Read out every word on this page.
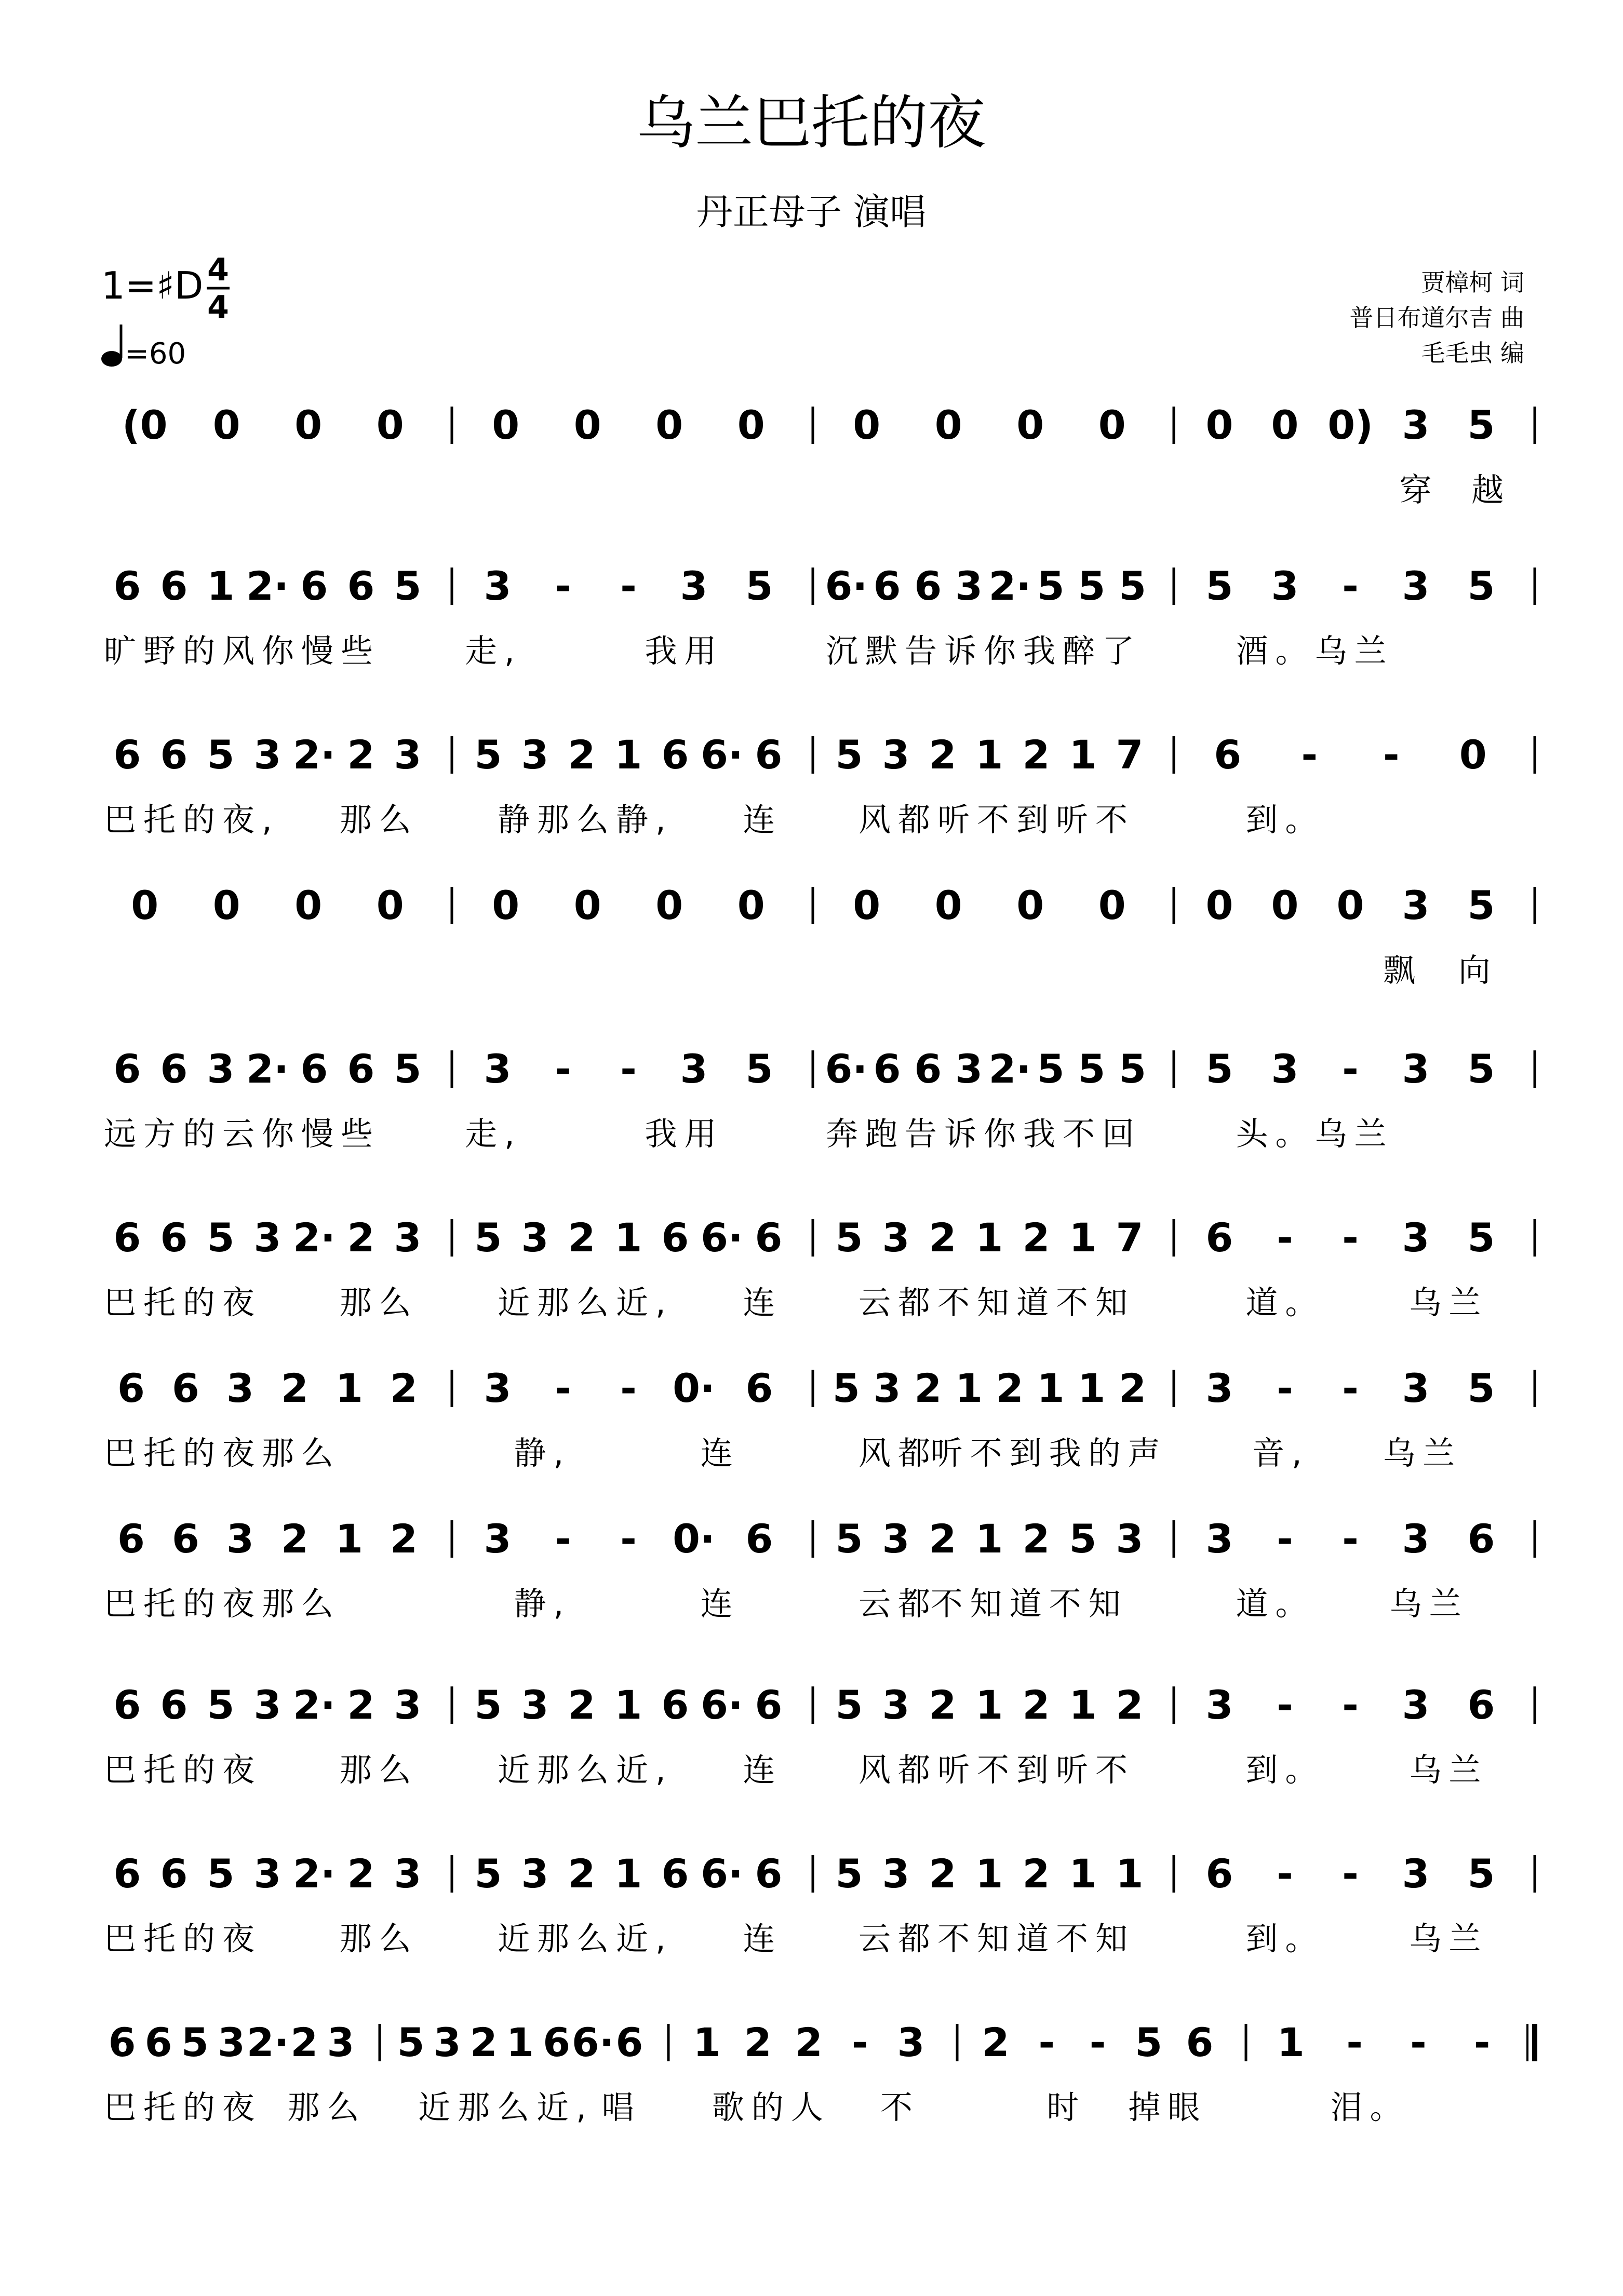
乌兰巴托的夜
丹正母子 演唱
1=♯D 4
4
=60
贾樟柯 词
普日布道尔吉 曲
毛毛虫 编
(0 0 0 0 0 0 0 0 0 0 0 0 0 0 0) 3 5
穿 越
6 6 1 2· 6 6 5 3 - - 3 5 6· 6 6 3 2· 5 5 5 5 3 - 3 5
旷野的风你慢些	走,	我用	沉默告诉你我醉了	酒。乌兰
6 6 5 3 2· 2 3 5 3 2 1 6 6· 6 5 3 2 1 2 1 7 6 - - 0
巴托的夜, 那么 静那么静, 连 风都听不到听不	到。
0 0 0 0 0 0 0 0 0 0 0 0 0 0 0 3 5
飘 向
6 6 3 2· 6 6 5 3 - - 3 5 6· 6 6 3 2· 5 5 5 5 3 - 3 5
远方的云你慢些	走,	我用	奔跑告诉你我不回	头。乌兰
6 6 5 3 2· 2 3 5 3 2 1 6 6· 6 5 3 2 1 2 1 7 6 - - 3 5
巴托的夜 那么 近那么近, 连 云都不知道不知	道。	乌兰
6 6 3 2 1 2 3 - - 0· 6 5 3 2 1 2 1 1 2 3 - - 3 5
巴托的夜那么	静,	连	风都
听不到我的声	音, 乌兰
6 6 3 2 1 2 3 - - 0· 6 5 3 2 1 2 5 3 3 - - 3 6
巴托的夜那么	静,	连	云都
不知道不知	道。 乌兰
6 6 5 3 2· 2 3 5 3 2 1 6 6· 6 5 3 2 1 2 1 2 3 - - 3 6
巴托的夜 那么 近那么近, 连 风都听不到听不	到。	乌兰
6 6 5 3 2· 2 3 5 3 2 1 6 6· 6 5 3 2 1 2 1 1 6 - - 3 5
巴托的夜 那么 近那么近, 连 云都不知道不知	到。	乌兰
6 6 5 3 2· 2 3 5 3 2 1 6 6· 6 1 2 2 - 3 2 - - 5 6 1 - - -
巴托的夜 那么 近那么近, 唱 歌的人 不	时 掉眼	泪。
